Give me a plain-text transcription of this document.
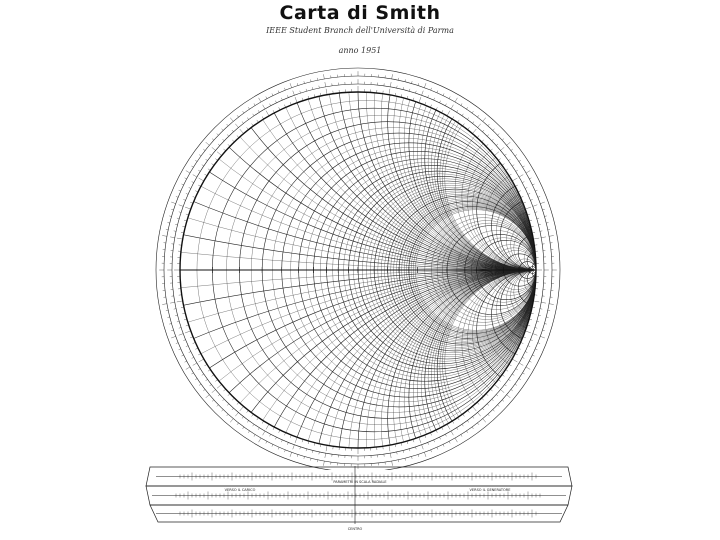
Carta di Smith
IEEE Student Branch dell'Università di Parma
anno 1951
PARAMETRI IN SCALA RADIALE
VERSO IL CARICO	VERSO IL GENERATORE
CENTRO
